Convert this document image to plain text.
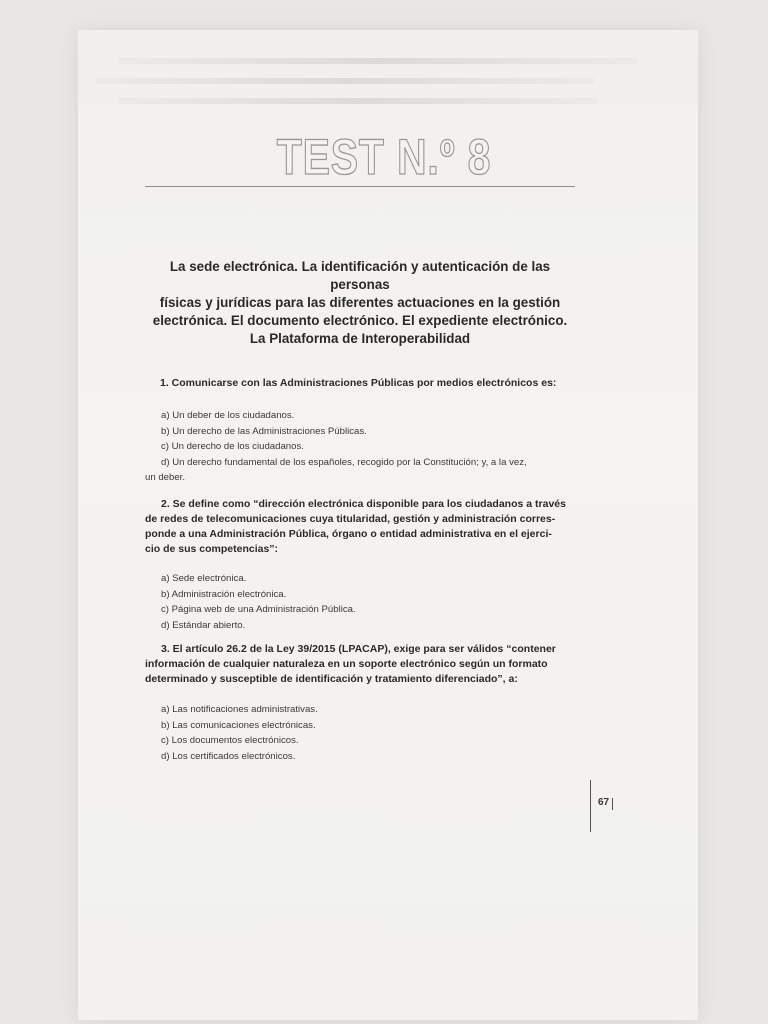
TEST N.º 8
La sede electrónica. La identificación y autenticación de las personas
físicas y jurídicas para las diferentes actuaciones en la gestión
electrónica. El documento electrónico. El expediente electrónico.
La Plataforma de Interoperabilidad
1. Comunicarse con las Administraciones Públicas por medios electrónicos es:
a) Un deber de los ciudadanos.
b) Un derecho de las Administraciones Públicas.
c) Un derecho de los ciudadanos.
d) Un derecho fundamental de los españoles, recogido por la Constitución; y, a la vez,
un deber.
2. Se define como “dirección electrónica disponible para los ciudadanos a través
de redes de telecomunicaciones cuya titularidad, gestión y administración corres-
ponde a una Administración Pública, órgano o entidad administrativa en el ejerci-
cio de sus competencias”:
a) Sede electrónica.
b) Administración electrónica.
c) Página web de una Administración Pública.
d) Estándar abierto.
3. El artículo 26.2 de la Ley 39/2015 (LPACAP), exige para ser válidos “contener
información de cualquier naturaleza en un soporte electrónico según un formato
determinado y susceptible de identificación y tratamiento diferenciado”, a:
a) Las notificaciones administrativas.
b) Las comunicaciones electrónicas.
c) Los documentos electrónicos.
d) Los certificados electrónicos.
67
